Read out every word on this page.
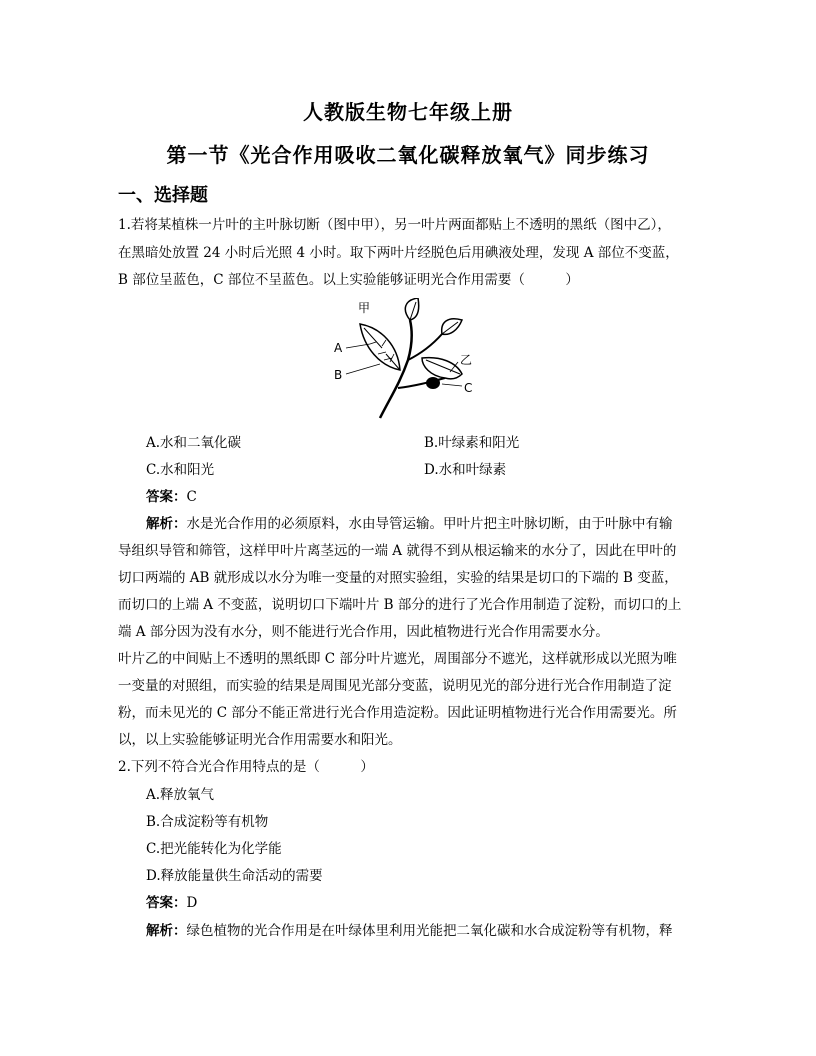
人教版生物七年级上册
第一节《光合作用吸收二氧化碳释放氧气》同步练习
一、选择题
1.若将某植株一片叶的主叶脉切断（图中甲），另一叶片两面都贴上不透明的黑纸（图中乙），
在黑暗处放置 24 小时后光照 4 小时。取下两叶片经脱色后用碘液处理，发现 A 部位不变蓝，
B 部位呈蓝色，C 部位不呈蓝色。以上实验能够证明光合作用需要（　　　）
甲
A
B
乙
C
A.水和二氧化碳	B.叶绿素和阳光
C.水和阳光	D.水和叶绿素
答案：C
解析：水是光合作用的必须原料，水由导管运输。甲叶片把主叶脉切断，由于叶脉中有输
导组织导管和筛管，这样甲叶片离茎远的一端 A 就得不到从根运输来的水分了，因此在甲叶的
切口两端的 AB 就形成以水分为唯一变量的对照实验组，实验的结果是切口的下端的 B 变蓝，
而切口的上端 A 不变蓝，说明切口下端叶片 B 部分的进行了光合作用制造了淀粉，而切口的上
端 A 部分因为没有水分，则不能进行光合作用，因此植物进行光合作用需要水分。
叶片乙的中间贴上不透明的黑纸即 C 部分叶片遮光，周围部分不遮光，这样就形成以光照为唯
一变量的对照组，而实验的结果是周围见光部分变蓝，说明见光的部分进行光合作用制造了淀
粉，而未见光的 C 部分不能正常进行光合作用造淀粉。因此证明植物进行光合作用需要光。所
以，以上实验能够证明光合作用需要水和阳光。
2.下列不符合光合作用特点的是（　　　）
A.释放氧气
B.合成淀粉等有机物
C.把光能转化为化学能
D.释放能量供生命活动的需要
答案：D
解析：绿色植物的光合作用是在叶绿体里利用光能把二氧化碳和水合成淀粉等有机物，释
